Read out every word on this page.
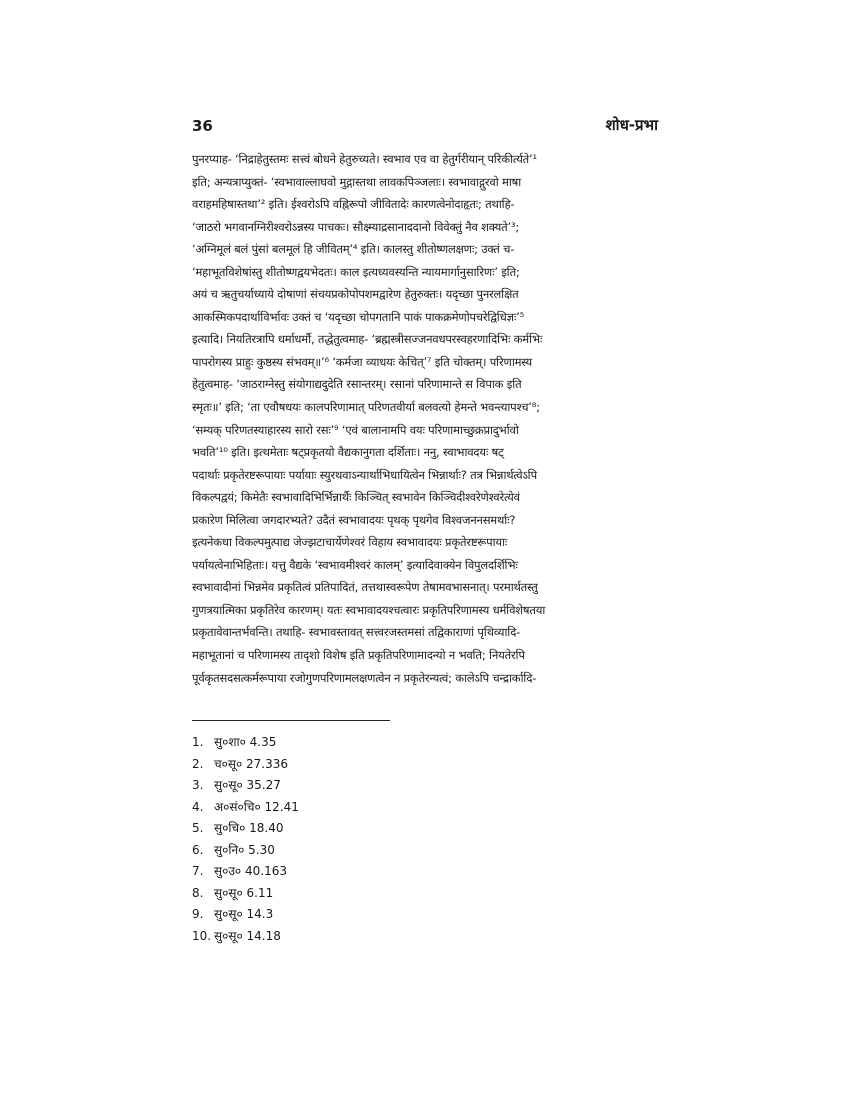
36	शोध-प्रभा
पुनरप्याह- ‘निद्राहेतुस्तमः सत्त्वं बोधने हेतुरुच्यते। स्वभाव एव वा हेतुर्गरीयान् परिकीर्त्यते’¹
इति; अन्यत्राप्युक्तं- ‘स्वभावाल्लाघवो मुद्गास्तथा लावकपिञ्जलाः। स्वभावाद्गुरवो माषा
वराहमहिषास्तथा’² इति। ईश्वरोऽपि वह्निरूपो जीवितादेः कारणत्वेनोदाहृतः; तथाहि-
‘जाठरो भगवानग्निरीश्वरोऽन्नस्य पाचकः। सौक्ष्म्याद्रसानाददानो विवेक्तुं नैव शक्यते’³;
‘अग्निमूलं बलं पुंसां बलमूलं हि जीवितम्’⁴ इति। कालस्तु शीतोष्णलक्षणः; उक्तं च-
‘महाभूतविशेषांस्तु शीतोष्णद्वयभेदतः। काल इत्यध्यवस्यन्ति न्यायमार्गानुसारिणः’ इति;
अयं च ऋतुचर्याध्याये दोषाणां संचयप्रकोपोपशमद्वारेण हेतुरुक्तः। यदृच्छा पुनरलक्षित
आकस्मिकपदार्थाविर्भावः उक्तं च ‘यदृच्छा चोपगतानि पाकं पाकक्रमेणोपचरेद्विधिज्ञः’⁵
इत्यादि। नियतिरत्रापि धर्माधर्मौ, तद्धेतुत्वमाह- ‘ब्रह्मस्त्रीसज्जनवधपरस्वहरणादिभिः कर्मभिः
पापरोगस्य प्राहुः कुष्ठस्य संभवम्॥’⁶ ‘कर्मजा व्याधयः केचित्’⁷ इति चोक्तम्। परिणामस्य
हेतुत्वमाह- ‘जाठराग्नेस्तु संयोगाद्यदुदेति रसान्तरम्। रसानां परिणामान्ते स विपाक इति
स्मृतः॥’ इति; ‘ता एवौषधयः कालपरिणामात् परिणतवीर्या बलवत्यो हेमन्ते भवन्त्यापश्च’⁸;
‘सम्यक् परिणतस्याहारस्य सारो रसः’⁹ ‘एवं बालानामपि वयः परिणामाच्छुक्रप्रादुर्भावो
भवति’¹⁰ इति। इत्थमेताः षट्प्रकृतयो वैद्यकानुगता दर्शिताः। ननु, स्वाभावदयः षट्
पदार्थाः प्रकृतेरष्टरूपायाः पर्यायाः स्युरथवाऽन्यार्थाभिधायित्वेन भिन्नार्थाः? तत्र भिन्नार्थत्वेऽपि
विकल्पद्वयं; किमेतैः स्वभावादिभिर्भिन्नार्थैः किञ्चित् स्वभावेन किञ्चिदीश्वरेणेश्वरेत्येवं
प्रकारेण मिलित्वा जगदारभ्यते? उदैतं स्वभावादयः पृथक् पृथगेव विश्वजननसमर्थाः?
इत्यनेकधा विकल्पमुत्पाद्य जेज्झटाचार्येणेश्वरं विहाय स्वभावादयः प्रकृतेरष्टरूपायाः
पर्यायत्वेनाभिहिताः। यत्तु वैद्यके ‘स्वभावमीश्वरं कालम्’ इत्यादिवाक्येन विपुलदर्शिभिः
स्वभावादीनां भिन्नमेव प्रकृतित्वं प्रतिपादितं, तत्तथास्वरूपेण तेषामवभासनात्। परमार्थतस्तु
गुणत्रयात्मिका प्रकृतिरेव कारणम्। यतः स्वभावादयश्चत्वारः प्रकृतिपरिणामस्य धर्मविशेषतया
प्रकृतावेवान्तर्भवन्ति। तथाहि- स्वभावस्तावत् सत्त्वरजस्तमसां तद्विकाराणां पृथिव्यादि-
महाभूतानां च परिणामस्य तादृशो विशेष इति प्रकृतिपरिणामादन्यो न भवति; नियतेरपि
पूर्वकृतसदसत्कर्मरूपाया रजोगुणपरिणामलक्षणत्वेन न प्रकृतेरन्यत्वं; कालेऽपि चन्द्रार्कादि-
1. सु०शा० 4.35
2. च०सू० 27.336
3. सु०सू० 35.27
4. अ०सं०चि० 12.41
5. सु०चि० 18.40
6. सु०नि० 5.30
7. सु०उ० 40.163
8. सु०सू० 6.11
9. सु०सू० 14.3
10. सु०सू० 14.18
